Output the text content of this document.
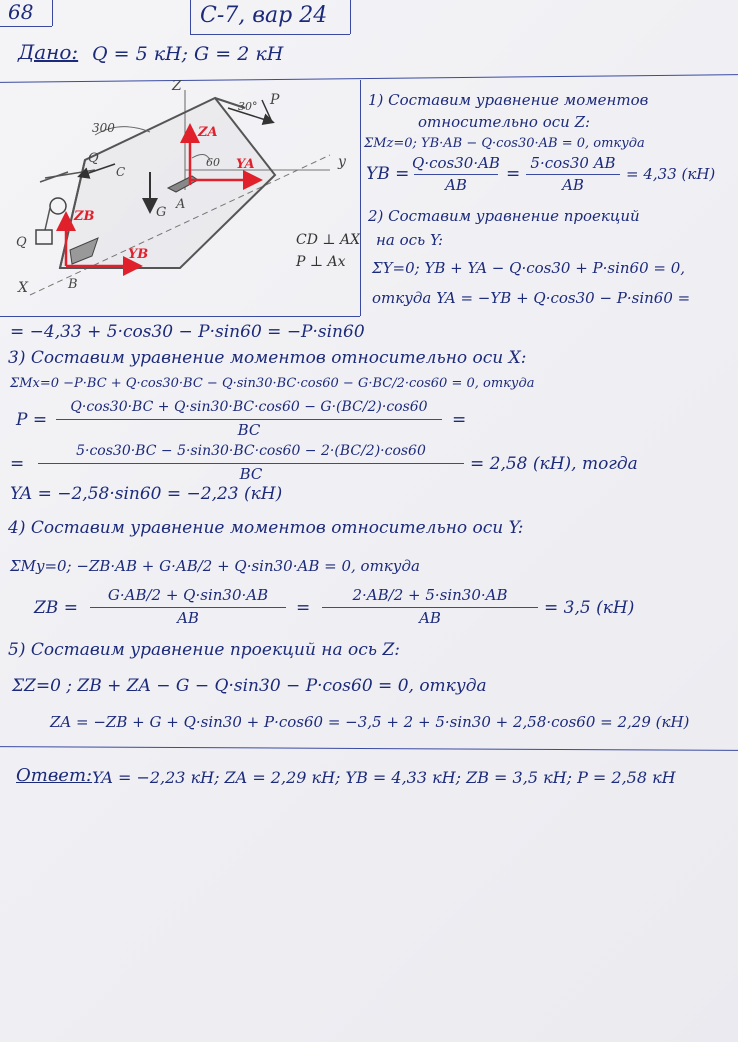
68	С-7, вар 24
Дано: Q = 5 кН; G = 2 кН
Z
y
X
300
30° P
Q
Q
C
A
B
G
ZA
YA
ZB
YB
60
CD ⊥ AX
P ⊥ Ax
1) Составим уравнение моментов
относительно оси Z:
ΣMz=0; YB·AB − Q·cos30·AB = 0, откуда
YB =
Q·cos30·AB
AB
=
5·cos30 AB
AB
= 4,33 (кН)
2) Составим уравнение проекций
на ось Y:
ΣY=0; YB + YA − Q·cos30 + P·sin60 = 0,
откуда YA = −YB + Q·cos30 − P·sin60 =
= −4,33 + 5·cos30 − P·sin60 = −P·sin60
3) Составим уравнение моментов относительно оси X:
ΣMx=0 −P·BC + Q·cos30·BC − Q·sin30·BC·cos60 − G·BC/2·cos60 = 0, откуда
P =
Q·cos30·BC + Q·sin30·BC·cos60 − G·(BC/2)·cos60
BC	=
=
5·cos30·BC − 5·sin30·BC·cos60 − 2·(BC/2)·cos60
BC	= 2,58 (кН), тогда
YA = −2,58·sin60 = −2,23 (кН)
4) Составим уравнение моментов относительно оси Y:
ΣMy=0; −ZB·AB + G·AB/2 + Q·sin30·AB = 0, откуда
ZB =
G·AB/2 + Q·sin30·AB
AB	=
2·AB/2 + 5·sin30·AB
AB	= 3,5 (кН)
5) Составим уравнение проекций на ось Z:
ΣZ=0 ; ZB + ZA − G − Q·sin30 − P·cos60 = 0, откуда
ZA = −ZB + G + Q·sin30 + P·cos60 = −3,5 + 2 + 5·sin30 + 2,58·cos60 = 2,29 (кН)
Ответ: YA = −2,23 кН; ZA = 2,29 кН; YB = 4,33 кН; ZB = 3,5 кН; P = 2,58 кН
